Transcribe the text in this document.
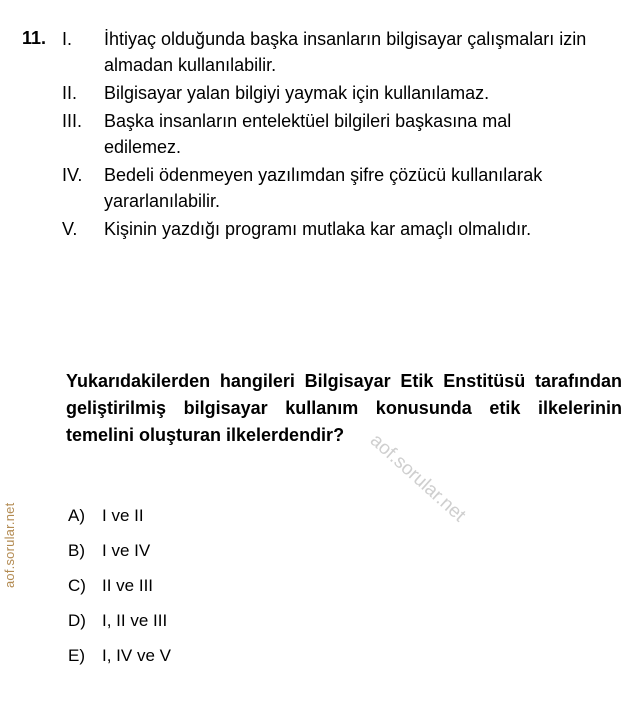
aof.sorular.net
11. I.	İhtiyaç olduğunda başka insanların bilgisayar çalışmaları izin almadan kullanılabilir.
II.	Bilgisayar yalan bilgiyi yaymak için kullanılamaz.
III.	Başka insanların entelektüel bilgileri başkasına mal edilemez.
IV.	Bedeli ödenmeyen yazılımdan şifre çözücü kullanılarak yararlanılabilir.
V.	Kişinin yazdığı programı mutlaka kar amaçlı olmalıdır.
Yukarıdakilerden hangileri Bilgisayar Etik Enstitüsü tarafından geliştirilmiş bilgisayar kullanım konusunda etik ilkelerinin temelini oluşturan ilkelerdendir?	aof.sorular.net
A)	I ve II
B)	I ve IV
C) II ve III
D) I, II ve III
E)	I, IV ve V
